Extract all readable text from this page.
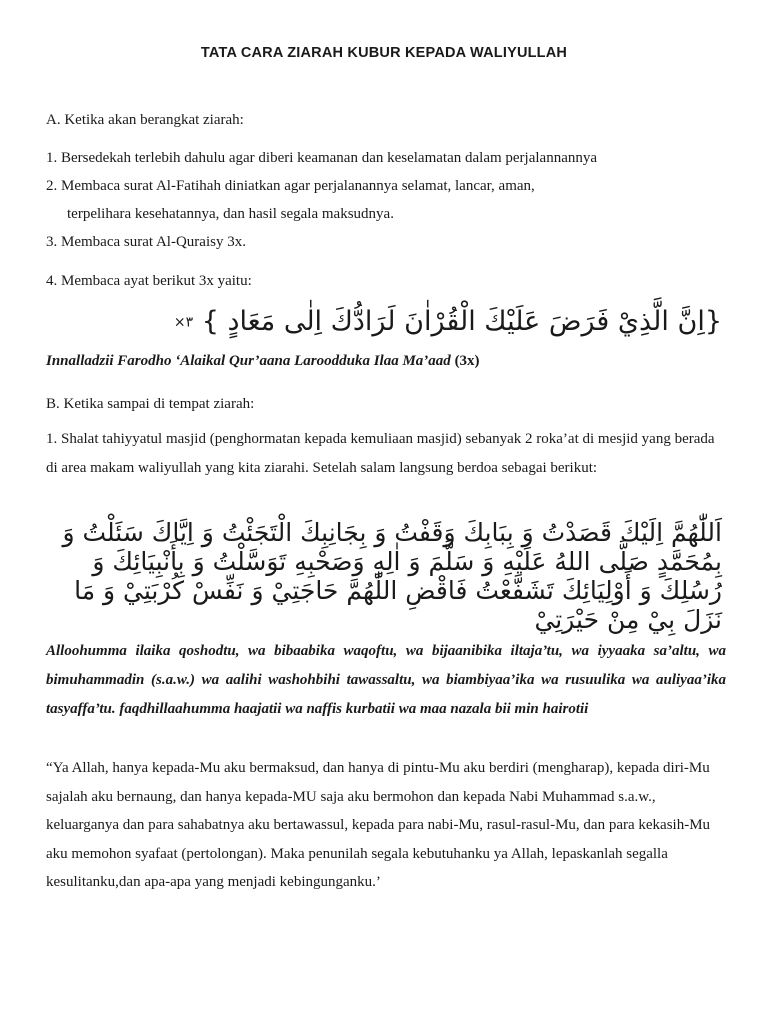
TATA CARA ZIARAH KUBUR KEPADA WALIYULLAH
A. Ketika akan berangkat ziarah:
1. Bersedekah terlebih dahulu agar diberi keamanan dan keselamatan dalam perjalannannya
2. Membaca surat Al-Fatihah diniatkan agar perjalanannya selamat, lancar, aman,
terpelihara kesehatannya, dan hasil segala maksudnya.
3. Membaca surat Al-Quraisy 3x.
4. Membaca ayat berikut 3x yaitu:
{اِنَّ الَّذِيْ فَرَضَ عَلَيْكَ الْقُرْاٰنَ لَرَادُّكَ اِلٰى مَعَادٍ } ٣×
Innalladzii Farodho ‘Alaikal Qur’aana Laroodduka Ilaa Ma’aad (3x)
B. Ketika sampai di tempat ziarah:
1. Shalat tahiyyatul masjid (penghormatan kepada kemuliaan masjid) sebanyak 2 roka’at di mesjid yang berada di area makam waliyullah yang kita ziarahi. Setelah salam langsung berdoa sebagai berikut:
اَللّٰهُمَّ اِلَيْكَ قَصَدْتُ وَ بِبَابِكَ وَقَفْتُ وَ بِجَانِبِكَ الْتَجَئْتُ وَ اِيَّاكَ سَئَلْتُ وَ بِمُحَمَّدٍ صَلَّى اللهُ عَلَيْهِ وَ سَلَّمَ وَ اٰلِهِ وَصَحْبِهِ تَوَسَّلْتُ وَ بِأَنْبِيَائِكَ وَ رُسُلِكَ وَ أَوْلِيَائِكَ تَشَفَّعْتُ فَاقْضِ اللّٰهُمَّ حَاجَتِيْ وَ نَفِّسْ كُرْبَتِيْ وَ مَا نَزَلَ بِيْ مِنْ حَيْرَتِيْ
Alloohumma ilaika qoshodtu, wa bibaabika waqoftu, wa bijaanibika iltaja’tu, wa iyyaaka sa’altu, wa bimuhammadin (s.a.w.) wa aalihi washohbihi tawassaltu, wa biambiyaa’ika wa rusuulika wa auliyaa’ika tasyaffa’tu. faqdhillaahumma haajatii wa naffis kurbatii wa maa nazala bii min hairotii
“Ya Allah, hanya kepada-Mu aku bermaksud, dan hanya di pintu-Mu aku berdiri (mengharap), kepada diri-Mu sajalah aku bernaung, dan hanya kepada-MU saja aku bermohon dan kepada Nabi Muhammad s.a.w., keluarganya dan para sahabatnya aku bertawassul, kepada para nabi-Mu, rasul-rasul-Mu, dan para kekasih-Mu aku memohon syafaat (pertolongan). Maka penunilah segala kebutuhanku ya Allah, lepaskanlah segalla kesulitanku,dan apa-apa yang menjadi kebingunganku.’
